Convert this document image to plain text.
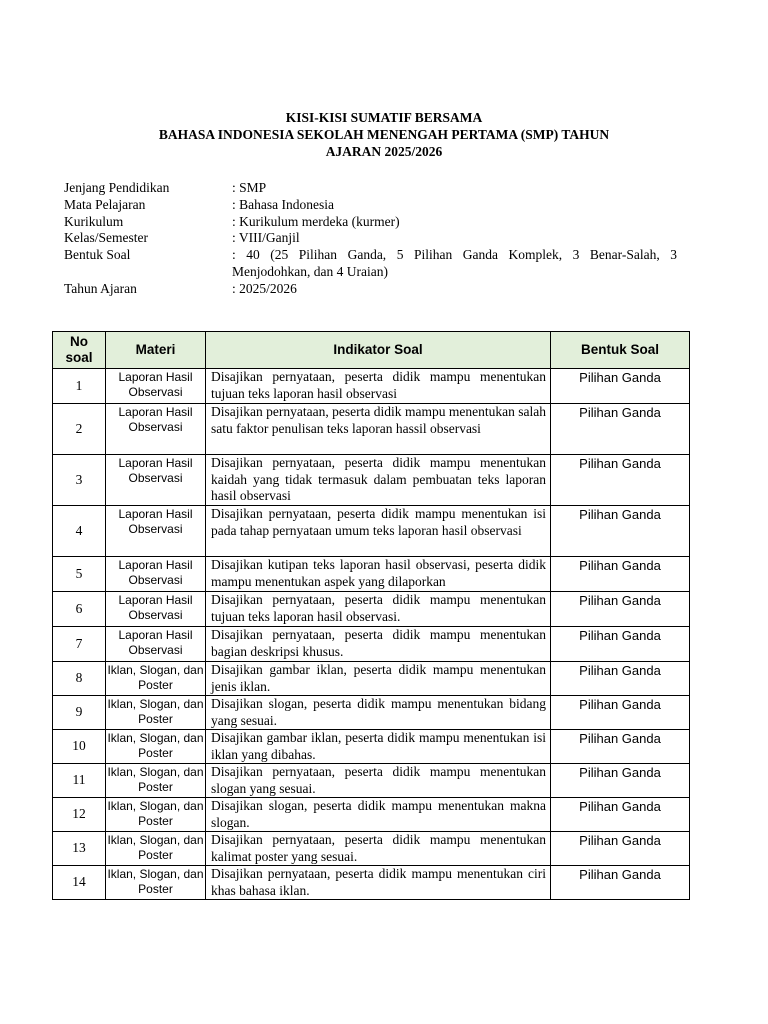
KISI-KISI SUMATIF BERSAMA
BAHASA INDONESIA SEKOLAH MENENGAH PERTAMA (SMP) TAHUN
AJARAN 2025/2026
Jenjang Pendidikan	: SMP
Mata Pelajaran	: Bahasa Indonesia
Kurikulum	: Kurikulum merdeka (kurmer)
Kelas/Semester	: VIII/Ganjil
Bentuk Soal	: 40 (25 Pilihan Ganda, 5 Pilihan Ganda Komplek, 3 Benar-Salah, 3 Menjodohkan, dan 4 Uraian)
Tahun Ajaran	: 2025/2026
No soal	Materi	Indikator Soal	Bentuk Soal
1	Laporan Hasil Observasi	Disajikan pernyataan, peserta didik mampu menentukan tujuan teks laporan hasil observasi	Pilihan Ganda
2	Laporan Hasil Observasi	Disajikan pernyataan, peserta didik mampu menentukan salah satu faktor penulisan teks laporan hassil observasi	Pilihan Ganda
3	Laporan Hasil Observasi	Disajikan pernyataan, peserta didik mampu menentukan kaidah yang tidak termasuk dalam pembuatan teks laporan hasil observasi	Pilihan Ganda
4	Laporan Hasil Observasi	Disajikan pernyataan, peserta didik mampu menentukan isi pada tahap pernyataan umum teks laporan hasil observasi	Pilihan Ganda
5	Laporan Hasil Observasi	Disajikan kutipan teks laporan hasil observasi, peserta didik mampu menentukan aspek yang dilaporkan	Pilihan Ganda
6	Laporan Hasil Observasi	Disajikan pernyataan, peserta didik mampu menentukan tujuan teks laporan hasil observasi.	Pilihan Ganda
7	Laporan Hasil Observasi	Disajikan pernyataan, peserta didik mampu menentukan bagian deskripsi khusus.	Pilihan Ganda
8	Iklan, Slogan, dan Poster	Disajikan gambar iklan, peserta didik mampu menentukan jenis iklan.	Pilihan Ganda
9	Iklan, Slogan, dan Poster	Disajikan slogan, peserta didik mampu menentukan bidang yang sesuai.	Pilihan Ganda
10	Iklan, Slogan, dan Poster	Disajikan gambar iklan, peserta didik mampu menentukan isi iklan yang dibahas.	Pilihan Ganda
11	Iklan, Slogan, dan Poster	Disajikan pernyataan, peserta didik mampu menentukan slogan yang sesuai.	Pilihan Ganda
12	Iklan, Slogan, dan Poster	Disajikan slogan, peserta didik mampu menentukan makna slogan.	Pilihan Ganda
13	Iklan, Slogan, dan Poster	Disajikan pernyataan, peserta didik mampu menentukan kalimat poster yang sesuai.	Pilihan Ganda
14	Iklan, Slogan, dan Poster	Disajikan pernyataan, peserta didik mampu menentukan ciri khas bahasa iklan.	Pilihan Ganda
